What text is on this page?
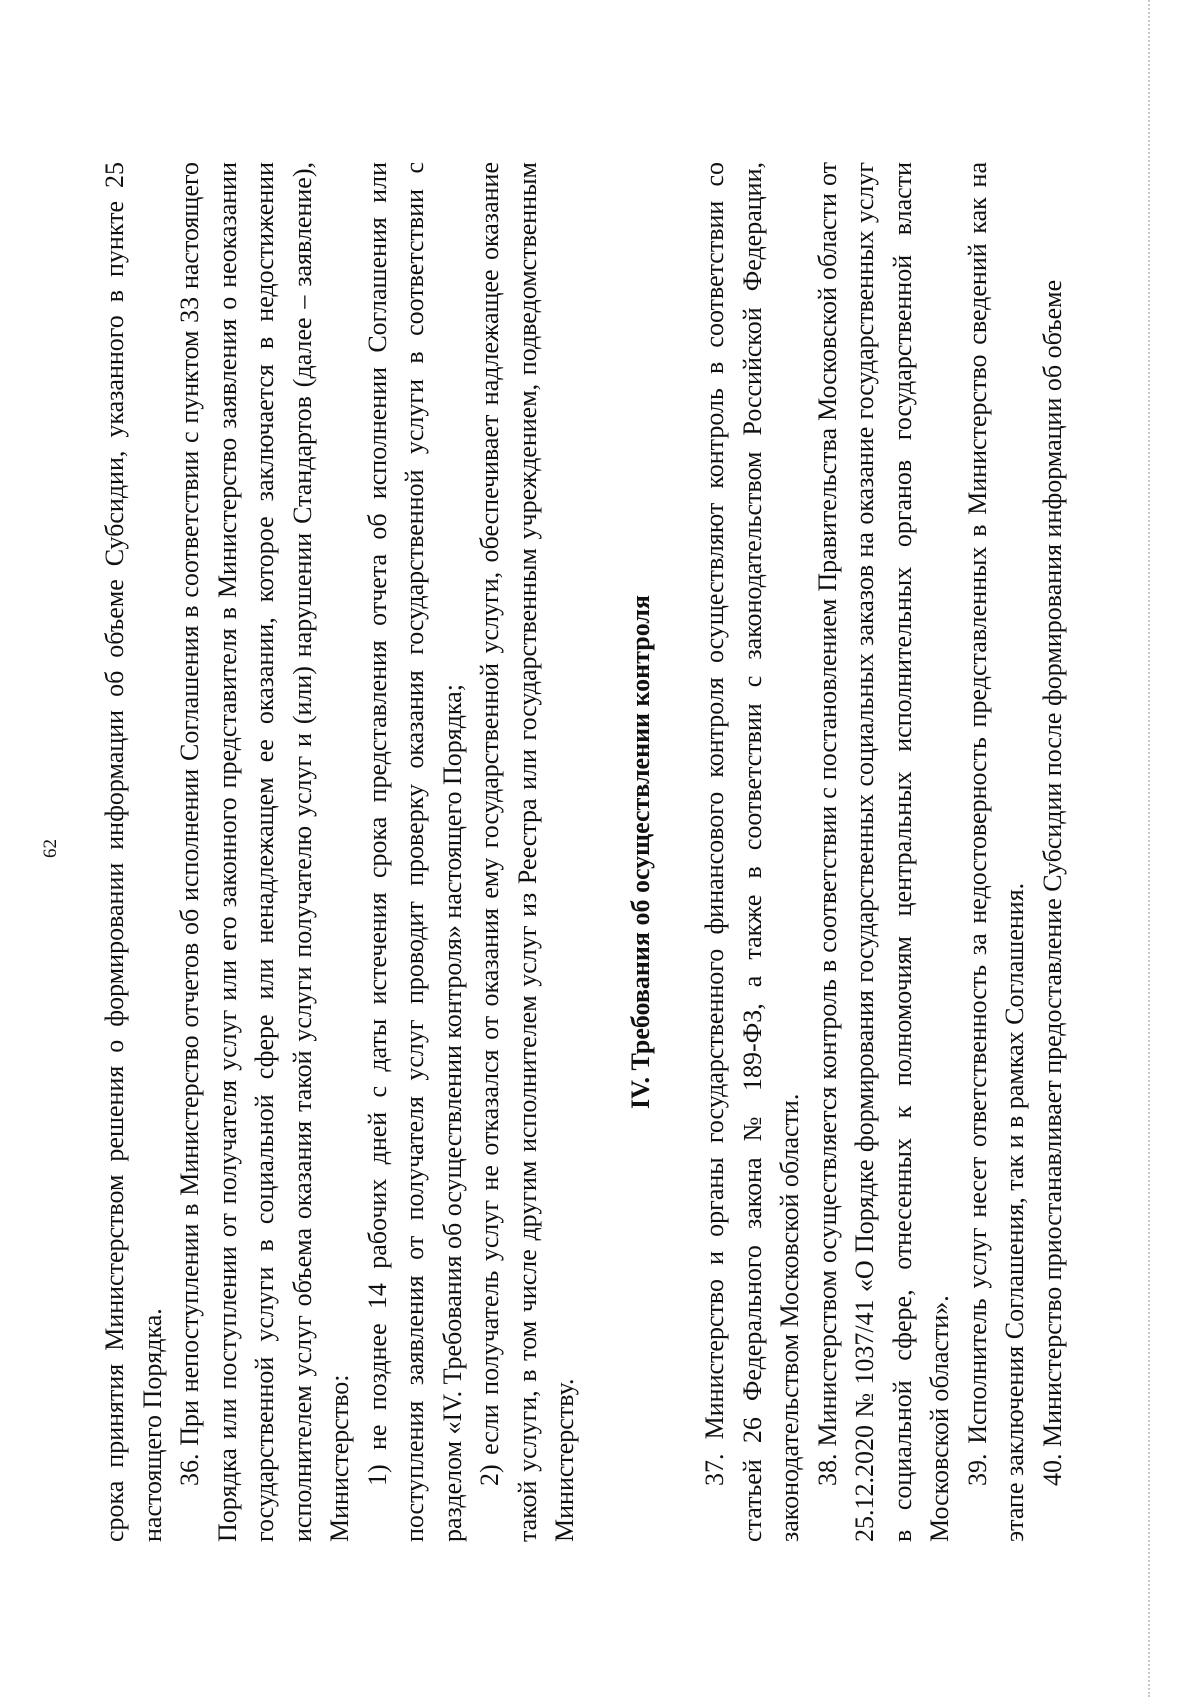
62 срока принятия Министерством решения о формировании информации об объеме Субсидии, указанного в пункте 25 настоящего Порядка. 36. При непоступлении в Министерство отчетов об исполнении Соглашения в соответствии с пунктом 33 настоящего Порядка или поступлении от получателя услуг или его законного представителя в Министерство заявления о неоказании государственной услуги в социальной сфере или ненадлежащем ее оказании, которое заключается в недостижении исполнителем услуг объема оказания такой услуги получателю услуг и (или) нарушении Стандартов (далее – заявление), Министерство: 1) не позднее 14 рабочих дней с даты истечения срока представления отчета об исполнении Соглашения или поступления заявления от получателя услуг проводит проверку оказания государственной услуги в соответствии с разделом «IV. Требования об осуществлении контроля» настоящего Порядка; 2) если получатель услуг не отказался от оказания ему государственной услуги, обеспечивает надлежащее оказание такой услуги, в том числе другим исполнителем услуг из Реестра или государственным учреждением, подведомственным Министерству.

IV. Требования об осуществлении контроля 37. Министерство и органы государственного финансового контроля осуществляют контроль в соответствии со статьей 26 Федерального закона № 189-ФЗ, а также в соответствии с законодательством Российской Федерации, законодательством Московской области. 38. Министерством осуществляется контроль в соответствии с постановлением Правительства Московской области от 25.12.2020 № 1037/41 «О Порядке формирования государственных социальных заказов на оказание государственных услуг в социальной сфере, отнесенных к полномочиям центральных исполнительных органов государственной власти Московской области». 39. Исполнитель услуг несет ответственность за недостоверность представленных в Министерство сведений как на этапе заключения Соглашения, так и в рамках Соглашения. 40. Министерство приостанавливает предоставление Субсидии после формирования информации об объеме
